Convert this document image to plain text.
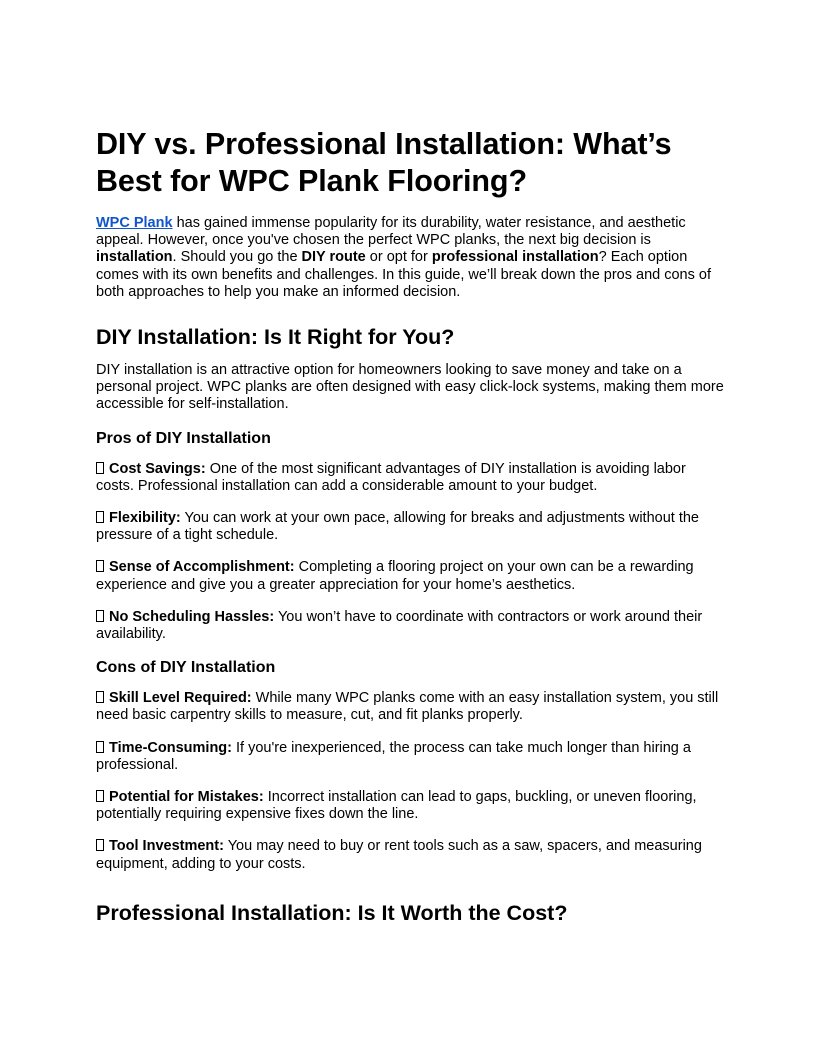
DIY vs. Professional Installation: What’s Best for WPC Plank Flooring?

WPC Plank has gained immense popularity for its durability, water resistance, and aesthetic appeal. However, once you've chosen the perfect WPC planks, the next big decision is installation. Should you go the DIY route or opt for professional installation? Each option comes with its own benefits and challenges. In this guide, we’ll break down the pros and cons of both approaches to help you make an informed decision.

DIY Installation: Is It Right for You?

DIY installation is an attractive option for homeowners looking to save money and take on a personal project. WPC planks are often designed with easy click-lock systems, making them more accessible for self-installation.

Pros of DIY Installation

Cost Savings: One of the most significant advantages of DIY installation is avoiding labor costs. Professional installation can add a considerable amount to your budget.

Flexibility: You can work at your own pace, allowing for breaks and adjustments without the pressure of a tight schedule.

Sense of Accomplishment: Completing a flooring project on your own can be a rewarding experience and give you a greater appreciation for your home’s aesthetics.

No Scheduling Hassles: You won’t have to coordinate with contractors or work around their availability.

Cons of DIY Installation

Skill Level Required: While many WPC planks come with an easy installation system, you still need basic carpentry skills to measure, cut, and fit planks properly.

Time-Consuming: If you're inexperienced, the process can take much longer than hiring a professional.

Potential for Mistakes: Incorrect installation can lead to gaps, buckling, or uneven flooring, potentially requiring expensive fixes down the line.

Tool Investment: You may need to buy or rent tools such as a saw, spacers, and measuring equipment, adding to your costs.

Professional Installation: Is It Worth the Cost?
